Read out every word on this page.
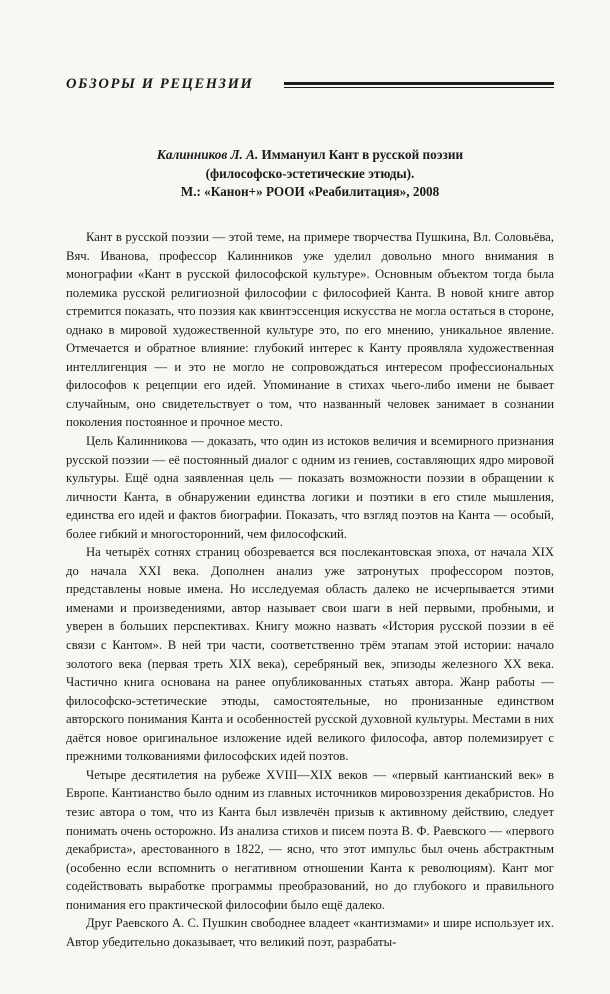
ОБЗОРЫ И РЕЦЕНЗИИ
Калинников Л. А. Иммануил Кант в русской поэзии
(философско-эстетические этюды).
М.: «Канон+» РООИ «Реабилитация», 2008

Кант в русской поэзии — этой теме, на примере творчества Пушкина, Вл. Соловьёва, Вяч. Иванова, профессор Калинников уже уделил довольно много внимания в монографии «Кант в русской философской культуре». Основным объектом тогда была полемика русской религиозной философии с философией Канта. В новой книге автор стремится показать, что поэзия как квинтэссенция искусства не могла остаться в стороне, однако в мировой художественной культуре это, по его мнению, уникальное явление. Отмечается и обратное влияние: глубокий интерес к Канту проявляла художественная интеллигенция — и это не могло не сопровождаться интересом профессиональных философов к рецепции его идей. Упоминание в стихах чьего-либо имени не бывает случайным, оно свидетельствует о том, что названный человек занимает в сознании поколения постоянное и прочное место.

Цель Калинникова — доказать, что один из истоков величия и всемирного признания русской поэзии — её постоянный диалог с одним из гениев, составляющих ядро мировой культуры. Ещё одна заявленная цель — показать возможности поэзии в обращении к личности Канта, в обнаружении единства логики и поэтики в его стиле мышления, единства его идей и фактов биографии. Показать, что взгляд поэтов на Канта — особый, более гибкий и многосторонний, чем философский.

На четырёх сотнях страниц обозревается вся послекантовская эпоха, от начала XIX до начала XXI века. Дополнен анализ уже затронутых профессором поэтов, представлены новые имена. Но исследуемая область далеко не исчерпывается этими именами и произведениями, автор называет свои шаги в ней первыми, пробными, и уверен в больших перспективах. Книгу можно назвать «История русской поэзии в её связи с Кантом». В ней три части, соответственно трём этапам этой истории: начало золотого века (первая треть XIX века), серебряный век, эпизоды железного XX века. Частично книга основана на ранее опубликованных статьях автора. Жанр работы — философско-эстетические этюды, самостоятельные, но пронизанные единством авторского понимания Канта и особенностей русской духовной культуры. Местами в них даётся новое оригинальное изложение идей великого философа, автор полемизирует с прежними толкованиями философских идей поэтов.

Четыре десятилетия на рубеже XVIII—XIX веков — «первый кантианский век» в Европе. Кантианство было одним из главных источников мировоззрения декабристов. Но тезис автора о том, что из Канта был извлечён призыв к активному действию, следует понимать очень осторожно. Из анализа стихов и писем поэта В. Ф. Раевского — «первого декабриста», арестованного в 1822, — ясно, что этот импульс был очень абстрактным (особенно если вспомнить о негативном отношении Канта к революциям). Кант мог содействовать выработке программы преобразований, но до глубокого и правильного понимания его практической философии было ещё далеко.

Друг Раевского А. С. Пушкин свободнее владеет «кантизмами» и шире использует их. Автор убедительно доказывает, что великий поэт, разрабаты-
